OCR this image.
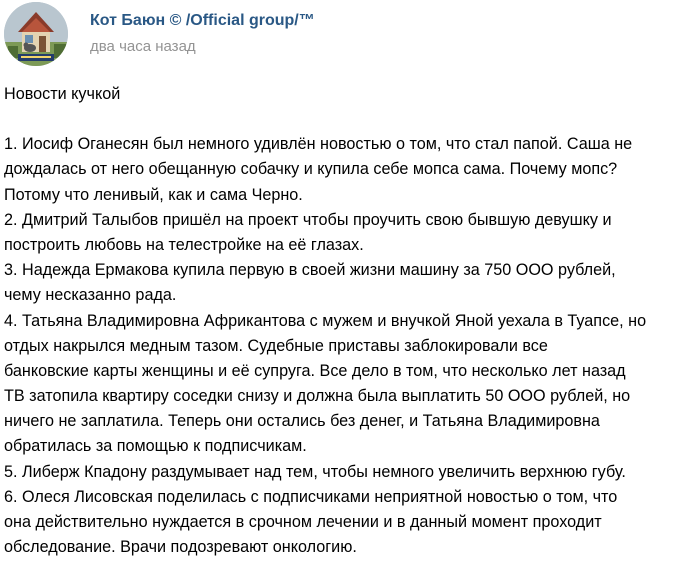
Кот Баюн © /Official group/™
два часа назад
Новости кучкой
1. Иосиф Оганесян был немного удивлён новостью о том, что стал папой. Саша не
дождалась от него обещанную собачку и купила себе мопса сама. Почему мопс?
Потому что ленивый, как и сама Черно.
2. Дмитрий Талыбов пришёл на проект чтобы проучить свою бывшую девушку и
построить любовь на телестройке на её глазах.
3. Надежда Ермакова купила первую в своей жизни машину за 750 ООО рублей,
чему несказанно рада.
4. Татьяна Владимировна Африкантова с мужем и внучкой Яной уехала в Туапсе, но
отдых накрылся медным тазом. Судебные приставы заблокировали все
банковские карты женщины и её супруга. Все дело в том, что несколько лет назад
ТВ затопила квартиру соседки снизу и должна была выплатить 50 ООО рублей, но
ничего не заплатила. Теперь они остались без денег, и Татьяна Владимировна
обратилась за помощью к подписчикам.
5. Либерж Кпадону раздумывает над тем, чтобы немного увеличить верхнюю губу.
6. Олеся Лисовская поделилась с подписчиками неприятной новостью о том, что
она действительно нуждается в срочном лечении и в данный момент проходит
обследование. Врачи подозревают онкологию.
